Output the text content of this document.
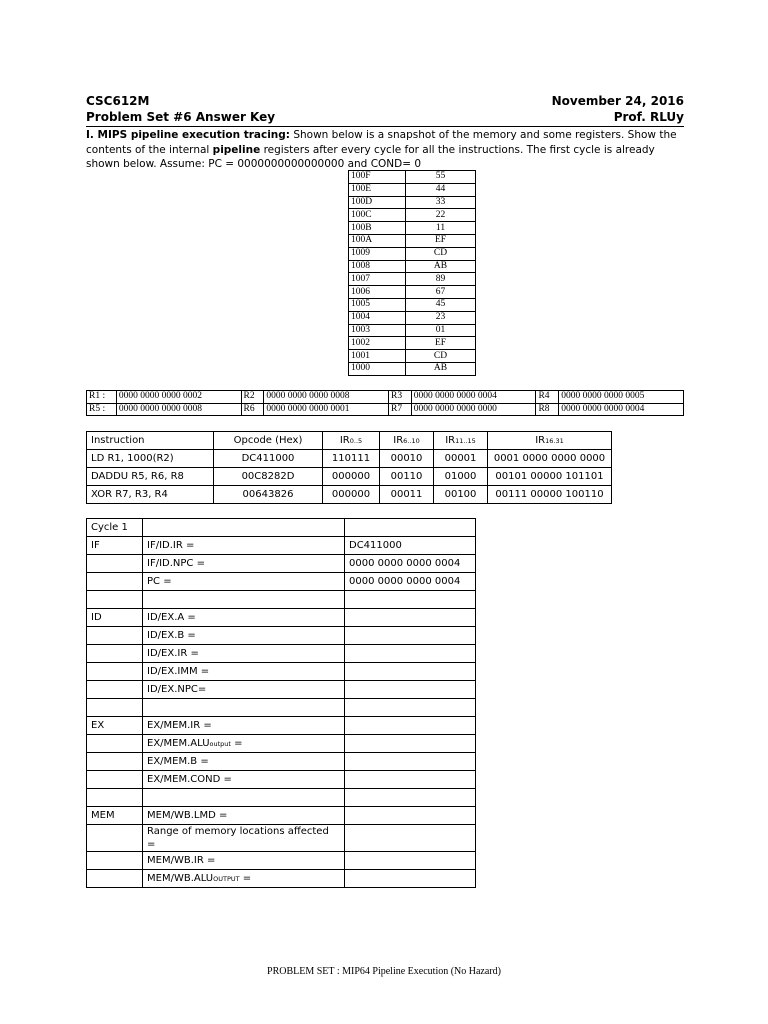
CSC612M	November 24, 2016
Problem Set #6 Answer Key	Prof. RLUy
I. MIPS pipeline execution tracing: Shown below is a snapshot of the memory and some registers. Show the contents of the internal pipeline registers after every cycle for all the instructions. The first cycle is already shown below. Assume: PC = 0000000000000000 and COND= 0
100F	55
100E	44
100D	33
100C	22
100B	11
100A	EF
1009	CD
1008	AB
1007	89
1006	67
1005	45
1004	23
1003	01
1002	EF
1001	CD
1000	AB
R1 :	0000 0000 0000 0002	R2	0000 0000 0000 0008	R3	0000 0000 0000 0004	R4	0000 0000 0000 0005
R5 :	0000 0000 0000 0008	R6	0000 0000 0000 0001	R7	0000 0000 0000 0000	R8	0000 0000 0000 0004
Instruction	Opcode (Hex)	IR0..5	IR6..10	IR11..15	IR16.31
LD R1, 1000(R2)	DC411000	110111	00010	00001	0001 0000 0000 0000
DADDU R5, R6, R8	00C8282D	000000	00110	01000	00101 00000 101101
XOR R7, R3, R4	00643826	000000	00011	00100	00111 00000 100110
Cycle 1		
IF	IF/ID.IR =	DC411000
	IF/ID.NPC =	0000 0000 0000 0004
	PC =	0000 0000 0000 0004

ID	ID/EX.A =	
	ID/EX.B =	
	ID/EX.IR =	
	ID/EX.IMM =	
	ID/EX.NPC=	

EX	EX/MEM.IR =	
	EX/MEM.ALUoutput =	
	EX/MEM.B =	
	EX/MEM.COND =	

MEM	MEM/WB.LMD =	
	Range of memory locations affected =	
	MEM/WB.IR =	
	MEM/WB.ALUOUTPUT =	
PROBLEM SET : MIP64 Pipeline Execution (No Hazard)
